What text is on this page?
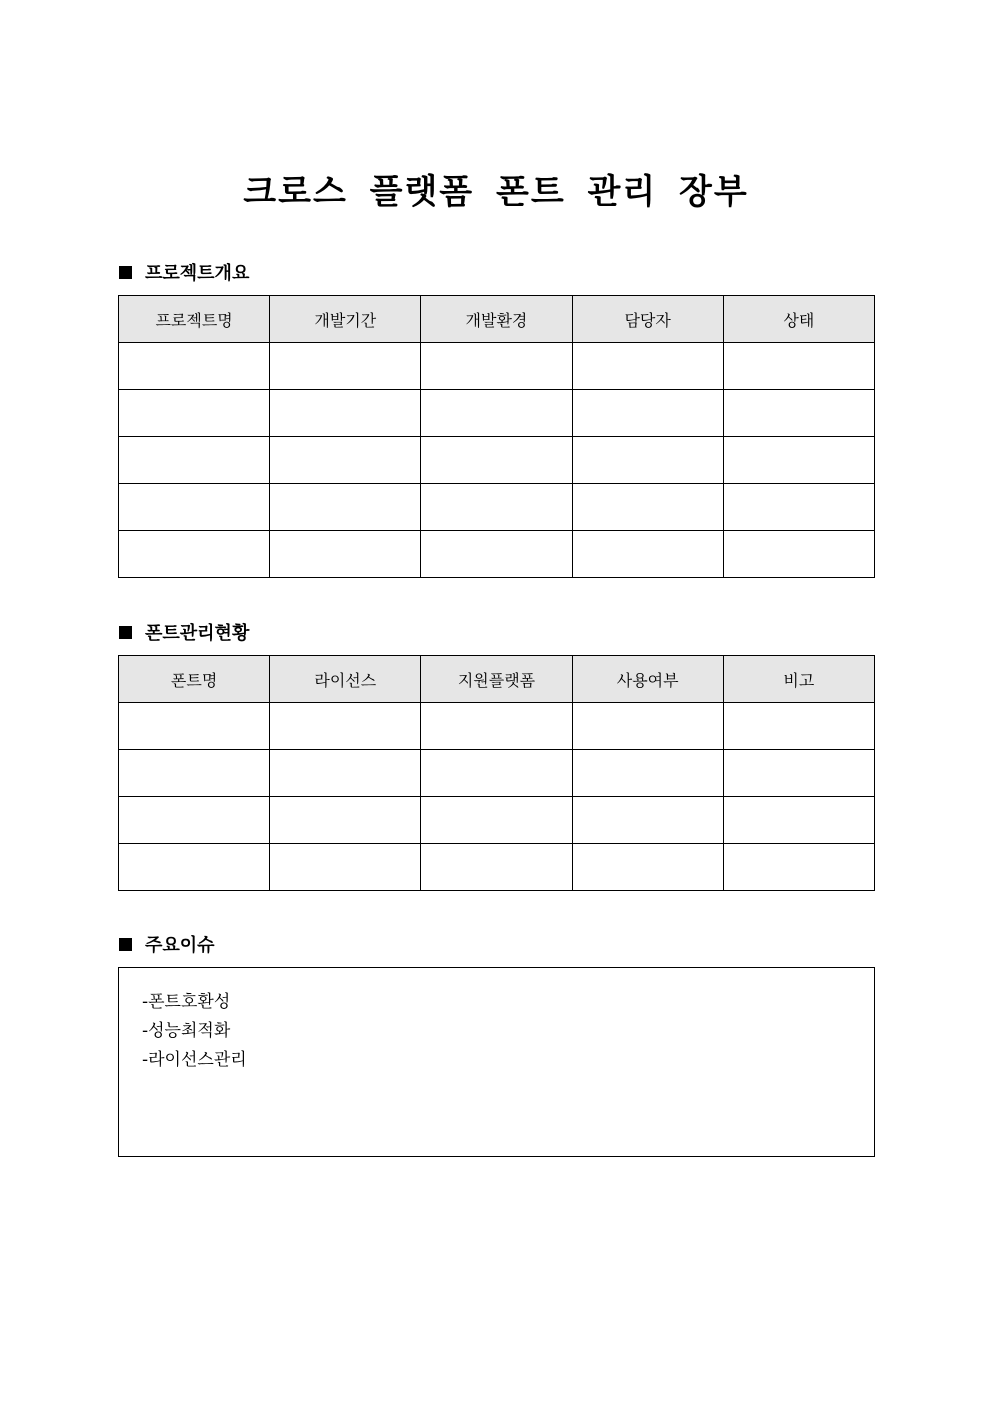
크로스 플랫폼 폰트 관리 장부
프로젝트개요
프로젝트명	개발기간	개발환경	담당자	상태

폰트관리현황
폰트명	라이선스	지원플랫폼	사용여부	비고

주요이슈
-폰트호환성
-성능최적화
-라이선스관리
